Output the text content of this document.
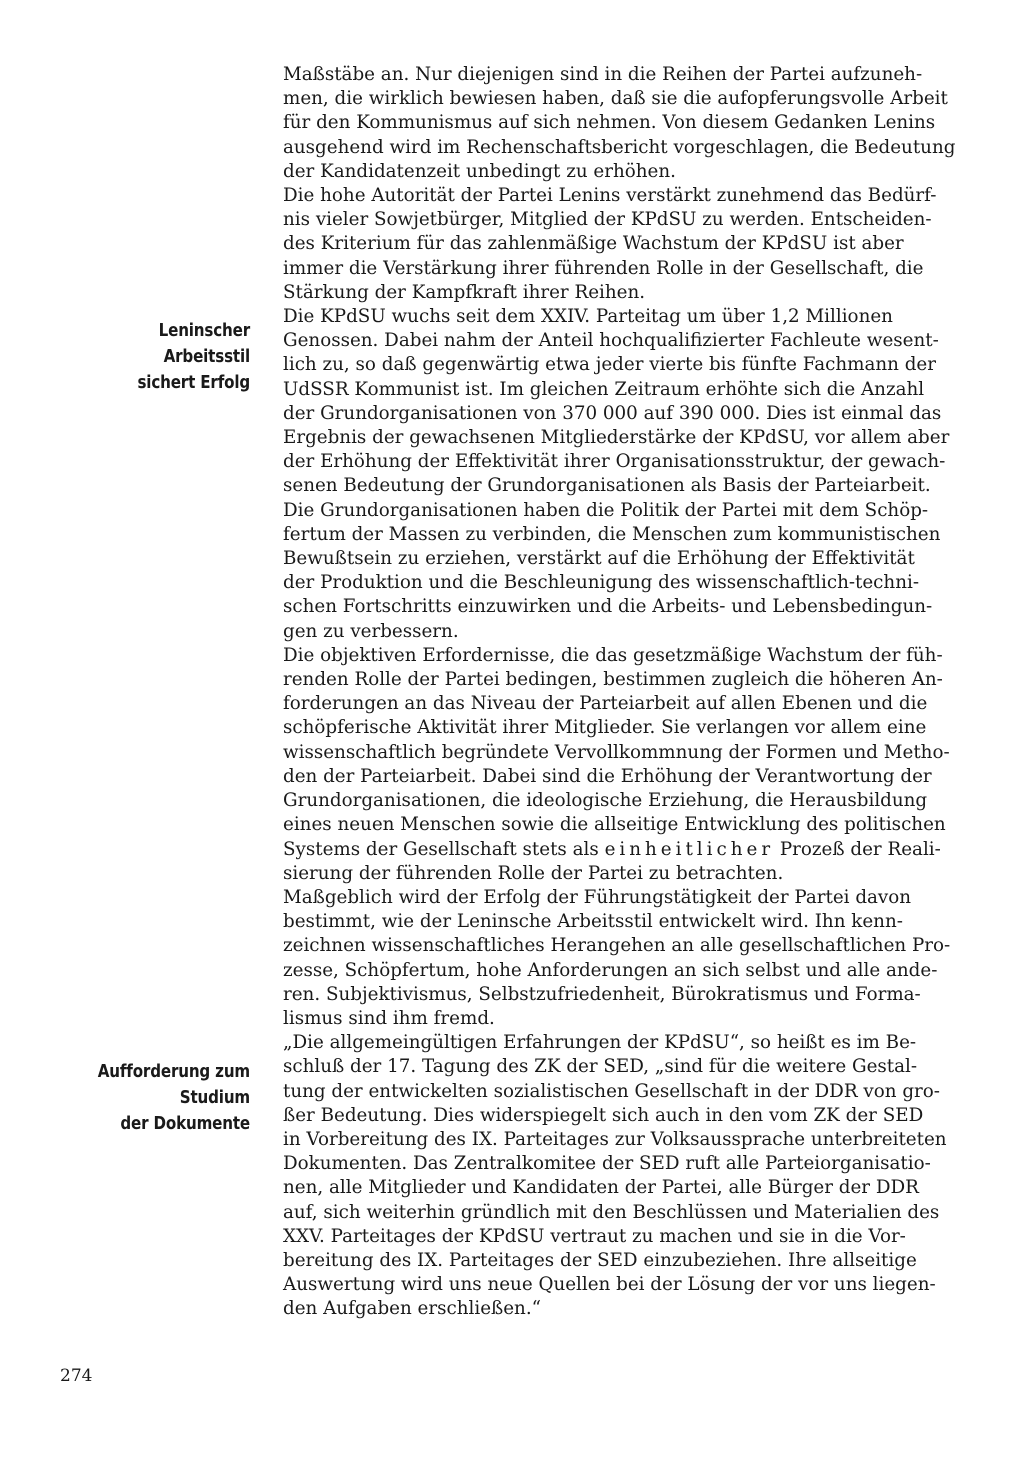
Leninscher Arbeitsstil
sichert Erfolg
Aufforderung zum
Studium
der Dokumente

Maßstäbe an. Nur diejenigen sind in die Reihen der Partei aufzuneh-
men, die wirklich bewiesen haben, daß sie die aufopferungsvolle Arbeit
für den Kommunismus auf sich nehmen. Von diesem Gedanken Lenins
ausgehend wird im Rechenschaftsbericht vorgeschlagen, die Bedeutung
der Kandidatenzeit unbedingt zu erhöhen.

Die hohe Autorität der Partei Lenins verstärkt zunehmend das Bedürf-
nis vieler Sowjetbürger, Mitglied der KPdSU zu werden. Entscheiden-
des Kriterium für das zahlenmäßige Wachstum der KPdSU ist aber
immer die Verstärkung ihrer führenden Rolle in der Gesellschaft, die
Stärkung der Kampfkraft ihrer Reihen.

Die KPdSU wuchs seit dem XXIV. Parteitag um über 1,2 Millionen
Genossen. Dabei nahm der Anteil hochqualifizierter Fachleute wesent-
lich zu, so daß gegenwärtig etwa jeder vierte bis fünfte Fachmann der
UdSSR Kommunist ist. Im gleichen Zeitraum erhöhte sich die Anzahl
der Grundorganisationen von 370 000 auf 390 000. Dies ist einmal das
Ergebnis der gewachsenen Mitgliederstärke der KPdSU, vor allem aber
der Erhöhung der Effektivität ihrer Organisationsstruktur, der gewach-
senen Bedeutung der Grundorganisationen als Basis der Parteiarbeit.

Die Grundorganisationen haben die Politik der Partei mit dem Schöp-
fertum der Massen zu verbinden, die Menschen zum kommunistischen
Bewußtsein zu erziehen, verstärkt auf die Erhöhung der Effektivität
der Produktion und die Beschleunigung des wissenschaftlich-techni-
schen Fortschritts einzuwirken und die Arbeits- und Lebensbedingun-
gen zu verbessern.

Die objektiven Erfordernisse, die das gesetzmäßige Wachstum der füh-
renden Rolle der Partei bedingen, bestimmen zugleich die höheren An-
forderungen an das Niveau der Parteiarbeit auf allen Ebenen und die
schöpferische Aktivität ihrer Mitglieder. Sie verlangen vor allem eine
wissenschaftlich begründete Vervollkommnung der Formen und Metho-
den der Parteiarbeit. Dabei sind die Erhöhung der Verantwortung der
Grundorganisationen, die ideologische Erziehung, die Herausbildung
eines neuen Menschen sowie die allseitige Entwicklung des politischen
Systems der Gesellschaft stets als einheitlicher Prozeß der Reali-
sierung der führenden Rolle der Partei zu betrachten.

Maßgeblich wird der Erfolg der Führungstätigkeit der Partei davon
bestimmt, wie der Leninsche Arbeitsstil entwickelt wird. Ihn kenn-
zeichnen wissenschaftliches Herangehen an alle gesellschaftlichen Pro-
zesse, Schöpfertum, hohe Anforderungen an sich selbst und alle ande-
ren. Subjektivismus, Selbstzufriedenheit, Bürokratismus und Forma-
lismus sind ihm fremd.

„Die allgemeingültigen Erfahrungen der KPdSU“, so heißt es im Be-
schluß der 17. Tagung des ZK der SED, „sind für die weitere Gestal-
tung der entwickelten sozialistischen Gesellschaft in der DDR von gro-
ßer Bedeutung. Dies widerspiegelt sich auch in den vom ZK der SED
in Vorbereitung des IX. Parteitages zur Volksaussprache unterbreiteten
Dokumenten. Das Zentralkomitee der SED ruft alle Parteiorganisatio-
nen, alle Mitglieder und Kandidaten der Partei, alle Bürger der DDR
auf, sich weiterhin gründlich mit den Beschlüssen und Materialien des
XXV. Parteitages der KPdSU vertraut zu machen und sie in die Vor-
bereitung des IX. Parteitages der SED einzubeziehen. Ihre allseitige
Auswertung wird uns neue Quellen bei der Lösung der vor uns liegen-
den Aufgaben erschließen.“

274
